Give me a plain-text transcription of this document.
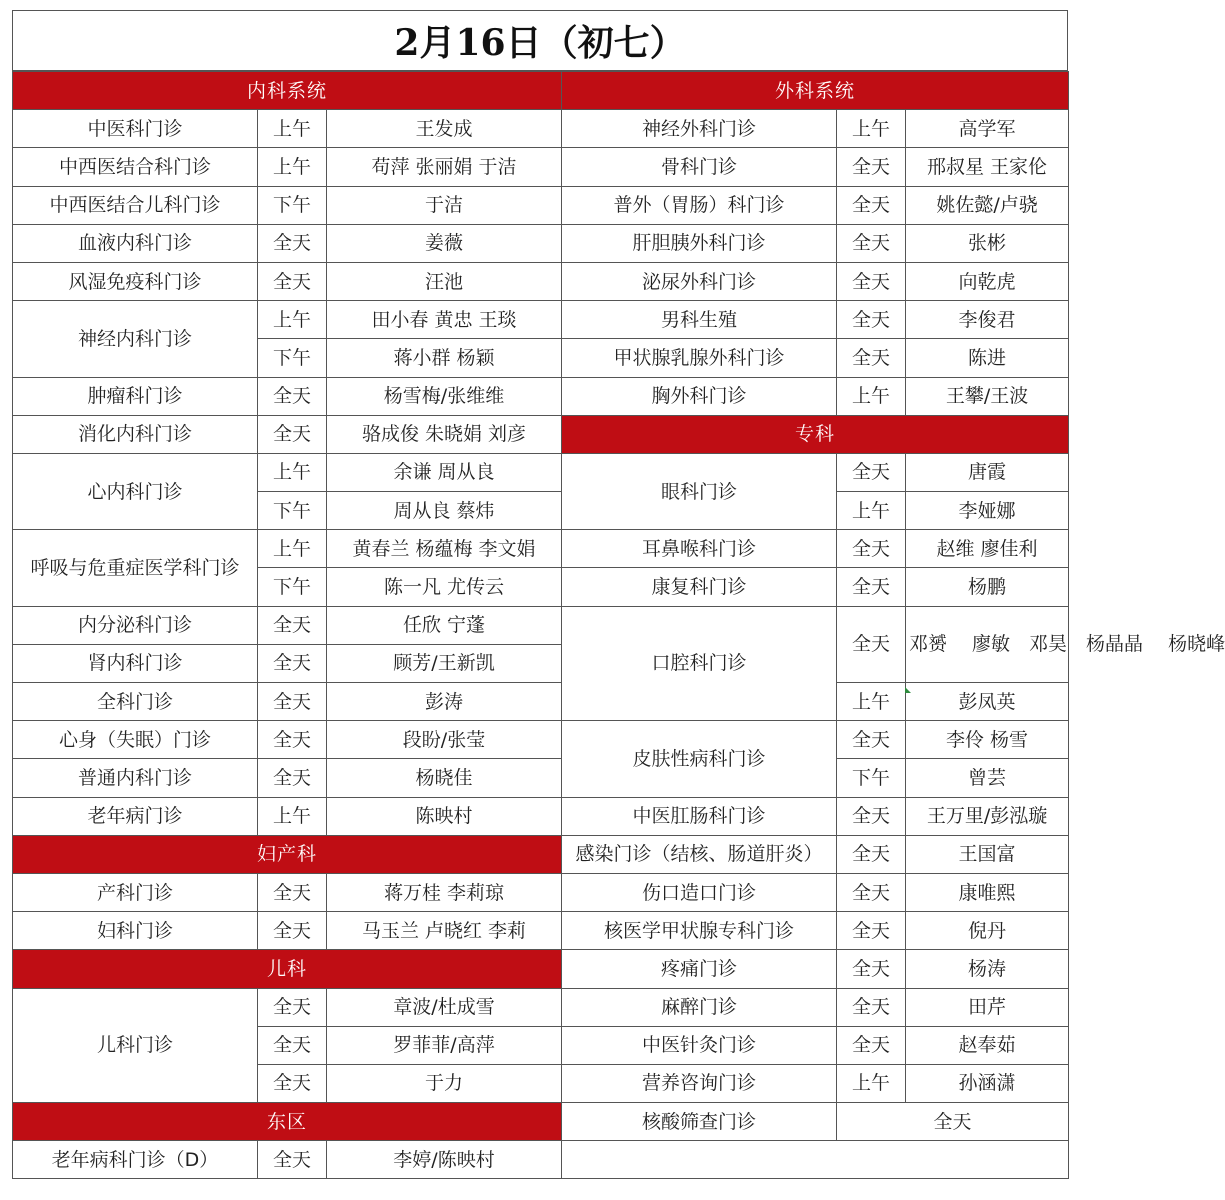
2月16日（初七）
内科系统			外科系统		
中医科门诊	上午	王发成	神经外科门诊	上午	高学军
中西医结合科门诊	上午	苟萍 张丽娟 于洁	骨科门诊	全天	邢叔星 王家伦
中西医结合儿科门诊	下午	于洁	普外（胃肠）科门诊	全天	姚佐懿/卢骁
血液内科门诊	全天	姜薇	肝胆胰外科门诊	全天	张彬
风湿免疫科门诊	全天	汪池	泌尿外科门诊	全天	向乾虎
神经内科门诊	上午	田小春 黄忠 王琰	男科生殖	全天	李俊君
	下午	蒋小群 杨颖	甲状腺乳腺外科门诊	全天	陈进
肿瘤科门诊	全天	杨雪梅/张维维	胸外科门诊	上午	王攀/王波
消化内科门诊	全天	骆成俊 朱晓娟 刘彦	专科		
心内科门诊	上午	余谦 周从良	眼科门诊	全天	唐霞
	下午	周从良 蔡炜		上午	李娅娜
呼吸与危重症医学科门诊	上午	黄春兰 杨蕴梅 李文娟	耳鼻喉科门诊	全天	赵维 廖佳利
	下午	陈一凡 尤传云	康复科门诊	全天	杨鹏
内分泌科门诊	全天	任欣 宁蓬	口腔科门诊	全天	邓赟　 廖敏　邓昊　杨晶晶　 杨晓峰
肾内科门诊	全天	顾芳/王新凯			
全科门诊	全天	彭涛		上午	彭凤英
心身（失眠）门诊	全天	段盼/张莹	皮肤性病科门诊	全天	李伶 杨雪
普通内科门诊	全天	杨晓佳		下午	曾芸
老年病门诊	上午	陈映村	中医肛肠科门诊	全天	王万里/彭泓璇
妇产科			感染门诊（结核、肠道肝炎）	全天	王国富
产科门诊	全天	蒋万桂 李莉琼	伤口造口门诊	全天	康唯熙
妇科门诊	全天	马玉兰 卢晓红 李莉	核医学甲状腺专科门诊	全天	倪丹
儿科			疼痛门诊	全天	杨涛
儿科门诊	全天	章波/杜成雪	麻醉门诊	全天	田芹
	全天	罗菲菲/高萍	中医针灸门诊	全天	赵奉茹
	全天	于力	营养咨询门诊	上午	孙涵潇
东区			核酸筛查门诊	全天	
老年病科门诊（D）	全天	李婷/陈映村			
